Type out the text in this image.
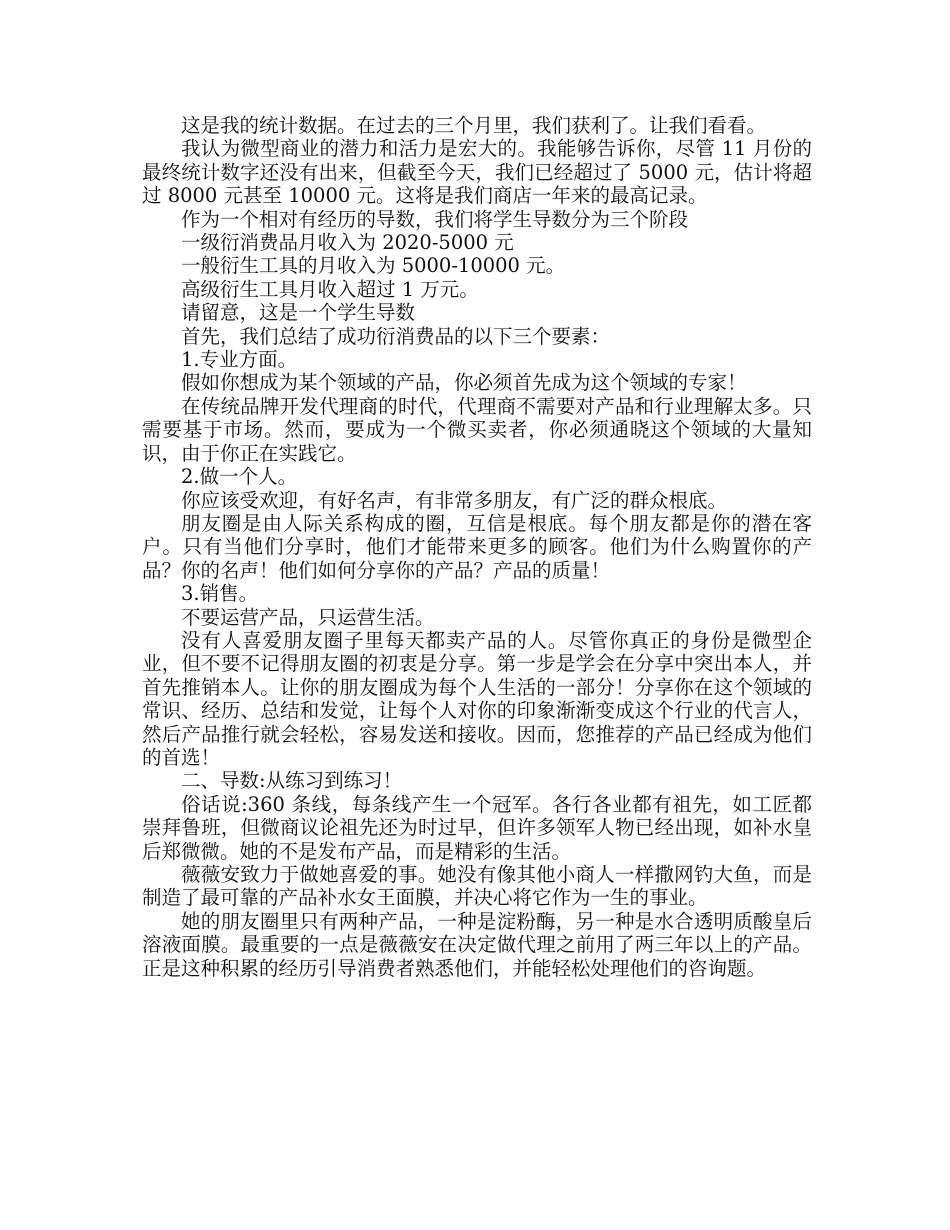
这是我的统计数据。在过去的三个月里，我们获利了。让我们看看。

我认为微型商业的潜力和活力是宏大的。我能够告诉你，尽管 11 月份的最终统计数字还没有出来，但截至今天，我们已经超过了 5000 元，估计将超过 8000 元甚至 10000 元。这将是我们商店一年来的最高记录。

作为一个相对有经历的导数，我们将学生导数分为三个阶段

一级衍消费品月收入为 2020-5000 元

一般衍生工具的月收入为 5000-10000 元。

高级衍生工具月收入超过 1 万元。

请留意，这是一个学生导数

首先，我们总结了成功衍消费品的以下三个要素：

1.专业方面。

假如你想成为某个领域的产品，你必须首先成为这个领域的专家！

在传统品牌开发代理商的时代，代理商不需要对产品和行业理解太多。只需要基于市场。然而，要成为一个微买卖者，你必须通晓这个领域的大量知识，由于你正在实践它。

2.做一个人。

你应该受欢迎，有好名声，有非常多朋友，有广泛的群众根底。

朋友圈是由人际关系构成的圈，互信是根底。每个朋友都是你的潜在客户。只有当他们分享时，他们才能带来更多的顾客。他们为什么购置你的产品？你的名声！他们如何分享你的产品？产品的质量！

3.销售。

不要运营产品，只运营生活。

没有人喜爱朋友圈子里每天都卖产品的人。尽管你真正的身份是微型企业，但不要不记得朋友圈的初衷是分享。第一步是学会在分享中突出本人，并首先推销本人。让你的朋友圈成为每个人生活的一部分！分享你在这个领域的常识、经历、总结和发觉，让每个人对你的印象渐渐变成这个行业的代言人，然后产品推行就会轻松，容易发送和接收。因而，您推荐的产品已经成为他们的首选！

二、导数:从练习到练习！

俗话说:360 条线，每条线产生一个冠军。各行各业都有祖先，如工匠都崇拜鲁班，但微商议论祖先还为时过早，但许多领军人物已经出现，如补水皇后郑微微。她的不是发布产品，而是精彩的生活。

薇薇安致力于做她喜爱的事。她没有像其他小商人一样撒网钓大鱼，而是制造了最可靠的产品补水女王面膜，并决心将它作为一生的事业。

她的朋友圈里只有两种产品，一种是淀粉酶，另一种是水合透明质酸皇后溶液面膜。最重要的一点是薇薇安在决定做代理之前用了两三年以上的产品。正是这种积累的经历引导消费者熟悉他们，并能轻松处理他们的咨询题。
